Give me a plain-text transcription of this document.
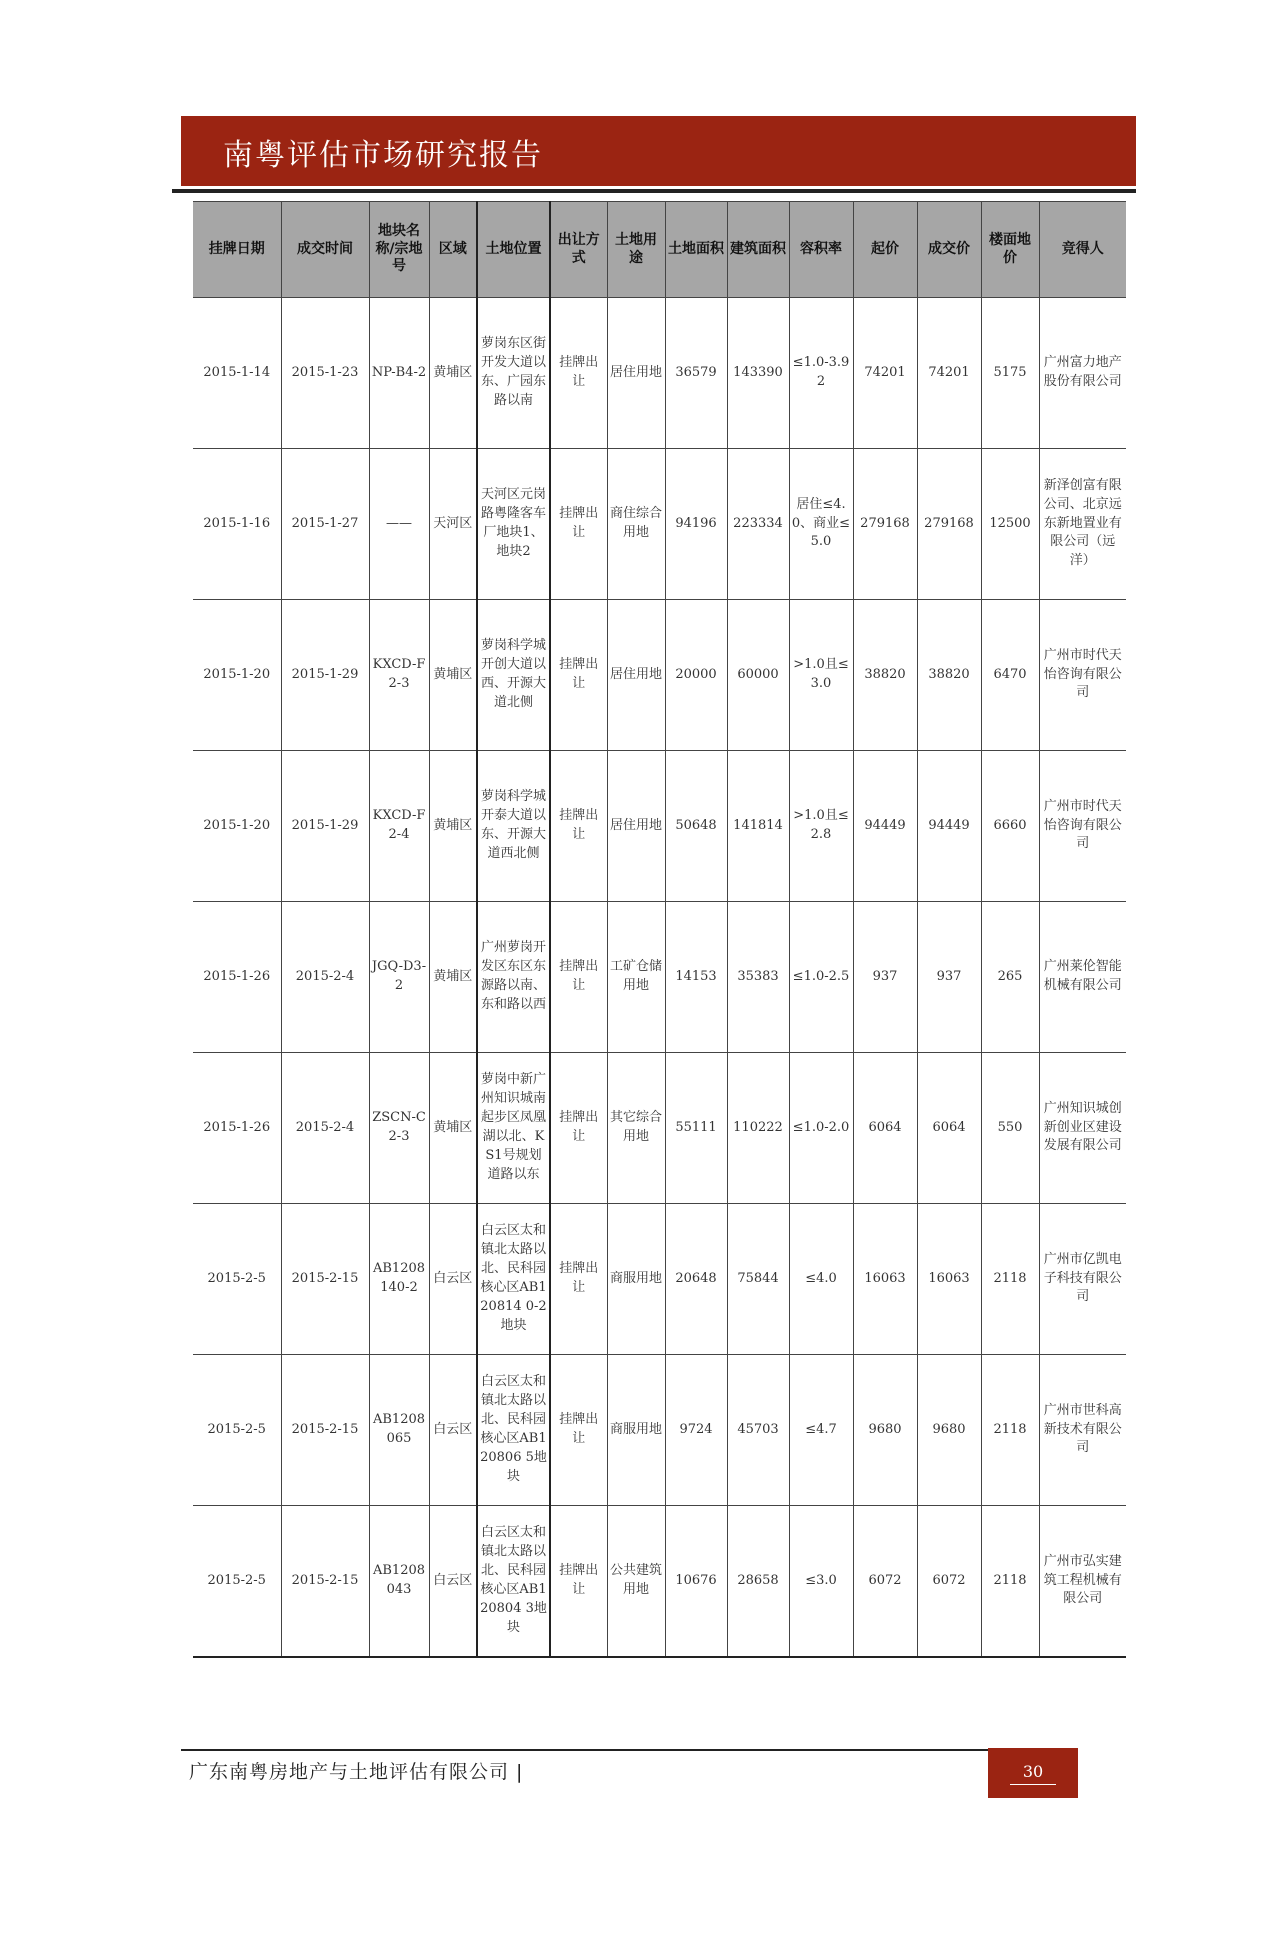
南粤评估市场研究报告
挂牌日期	成交时间	地块名称/宗地号	区域	土地位置	出让方式	土地用途	土地面积	建筑面积	容积率	起价	成交价	楼面地价	竞得人
2015-1-14	2015-1-23	NP-B4-2	黄埔区	萝岗东区街开发大道以东、广园东路以南	挂牌出让	居住用地	36579	143390	≤1.0-3.92	74201	74201	5175	广州富力地产股份有限公司
2015-1-16	2015-1-27	——	天河区	天河区元岗路粤隆客车厂地块1、地块2	挂牌出让	商住综合用地	94196	223334	居住≤4.0、商业≤5.0	279168	279168	12500	新泽创富有限公司、北京远东新地置业有限公司（远洋）
2015-1-20	2015-1-29	KXCD-F2-3	黄埔区	萝岗科学城开创大道以西、开源大道北侧	挂牌出让	居住用地	20000	60000	>1.0且≤3.0	38820	38820	6470	广州市时代天怡咨询有限公司
2015-1-20	2015-1-29	KXCD-F2-4	黄埔区	萝岗科学城开泰大道以东、开源大道西北侧	挂牌出让	居住用地	50648	141814	>1.0且≤2.8	94449	94449	6660	广州市时代天怡咨询有限公司
2015-1-26	2015-2-4	JGQ-D3-2	黄埔区	广州萝岗开发区东区东源路以南、东和路以西	挂牌出让	工矿仓储用地	14153	35383	≤1.0-2.5	937	937	265	广州莱伦智能机械有限公司
2015-1-26	2015-2-4	ZSCN-C2-3	黄埔区	萝岗中新广州知识城南起步区凤凰湖以北、KS1号规划道路以东	挂牌出让	其它综合用地	55111	110222	≤1.0-2.0	6064	6064	550	广州知识城创新创业区建设发展有限公司
2015-2-5	2015-2-15	AB1208140-2	白云区	白云区太和镇北太路以北、民科园核心区AB120814 0-2地块	挂牌出让	商服用地	20648	75844	≤4.0	16063	16063	2118	广州市亿凯电子科技有限公司
2015-2-5	2015-2-15	AB1208065	白云区	白云区太和镇北太路以北、民科园核心区AB120806 5地块	挂牌出让	商服用地	9724	45703	≤4.7	9680	9680	2118	广州市世科高新技术有限公司
2015-2-5	2015-2-15	AB1208043	白云区	白云区太和镇北太路以北、民科园核心区AB120804 3地块	挂牌出让	公共建筑用地	10676	28658	≤3.0	6072	6072	2118	广州市弘实建筑工程机械有限公司
广东南粤房地产与土地评估有限公司 |	30
